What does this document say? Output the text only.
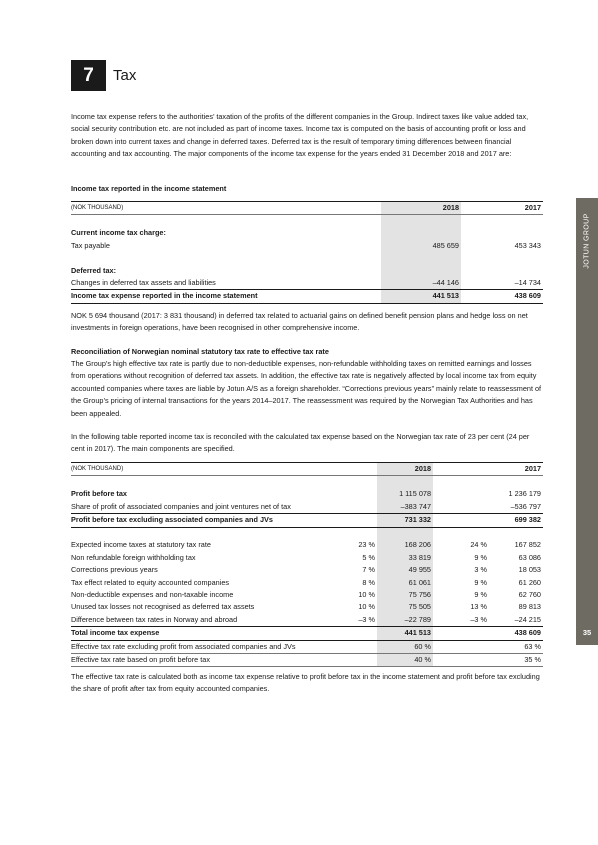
7	Tax
JOTUN GROUP
35

Income tax expense refers to the authorities’ taxation of the profits of the different companies in the Group. Indirect taxes like value added tax, social security contribution etc. are not included as part of income taxes. Income tax is computed on the basis of accounting profit or loss and broken down into current taxes and change in deferred taxes. Deferred tax is the result of temporary timing differences between financial accounting and tax accounting. The major components of the income tax expense for the years ended 31 December 2018 and 2017 are:

Income tax reported in the income statement
(NOK THOUSAND)	2018	2017

Current income tax charge:		
Tax payable	485 659	453 343

Deferred tax:		
Changes in deferred tax assets and liabilities	–44 146	–14 734
Income tax expense reported in the income statement	441 513	438 609

NOK 5 694 thousand (2017: 3 831 thousand) in deferred tax related to actuarial gains on defined benefit pension plans and hedge loss on net investments in foreign operations, have been recognised in other comprehensive income.

Reconciliation of Norwegian nominal statutory tax rate to effective tax rate

The Group’s high effective tax rate is partly due to non-deductible expenses, non-refundable withholding taxes on remitted earnings and losses from operations without recognition of deferred tax assets. In addition, the effective tax rate is negatively affected by local income tax from equity accounted companies where taxes are liable by Jotun A/S as a foreign shareholder. “Corrections previous years” mainly relate to reassessment of the Group’s pricing of internal transactions for the years 2014–2017. The reassessment was required by the Norwegian Tax Authorities and has been appealed.

In the following table reported income tax is reconciled with the calculated tax expense based on the Norwegian tax rate of 23 per cent (24 per cent in 2017). The main components are specified.

(NOK THOUSAND)		2018		2017

Profit before tax		1 115 078		1 236 179
Share of profit of associated companies and joint ventures net of tax		–383 747		–536 797
Profit before tax excluding associated companies and JVs		731 332		699 382

Expected income taxes at statutory tax rate	23 %	168 206	24 %	167 852
Non refundable foreign withholding tax	5 %	33 819	9 %	63 086
Corrections previous years	7 %	49 955	3 %	18 053
Tax effect related to equity accounted companies	8 %	61 061	9 %	61 260
Non-deductible expenses and non-taxable income	10 %	75 756	9 %	62 760
Unused tax losses not recognised as deferred tax assets	10 %	75 505	13 %	89 813
Difference between tax rates in Norway and abroad	–3 %	–22 789	–3 %	–24 215
Total income tax expense		441 513		438 609
Effective tax rate excluding profit from associated companies and JVs		60 %		63 %
Effective tax rate based on profit before tax		40 %		35 %

The effective tax rate is calculated both as income tax expense relative to profit before tax in the income statement and profit before tax excluding the share of profit after tax from equity accounted companies.
